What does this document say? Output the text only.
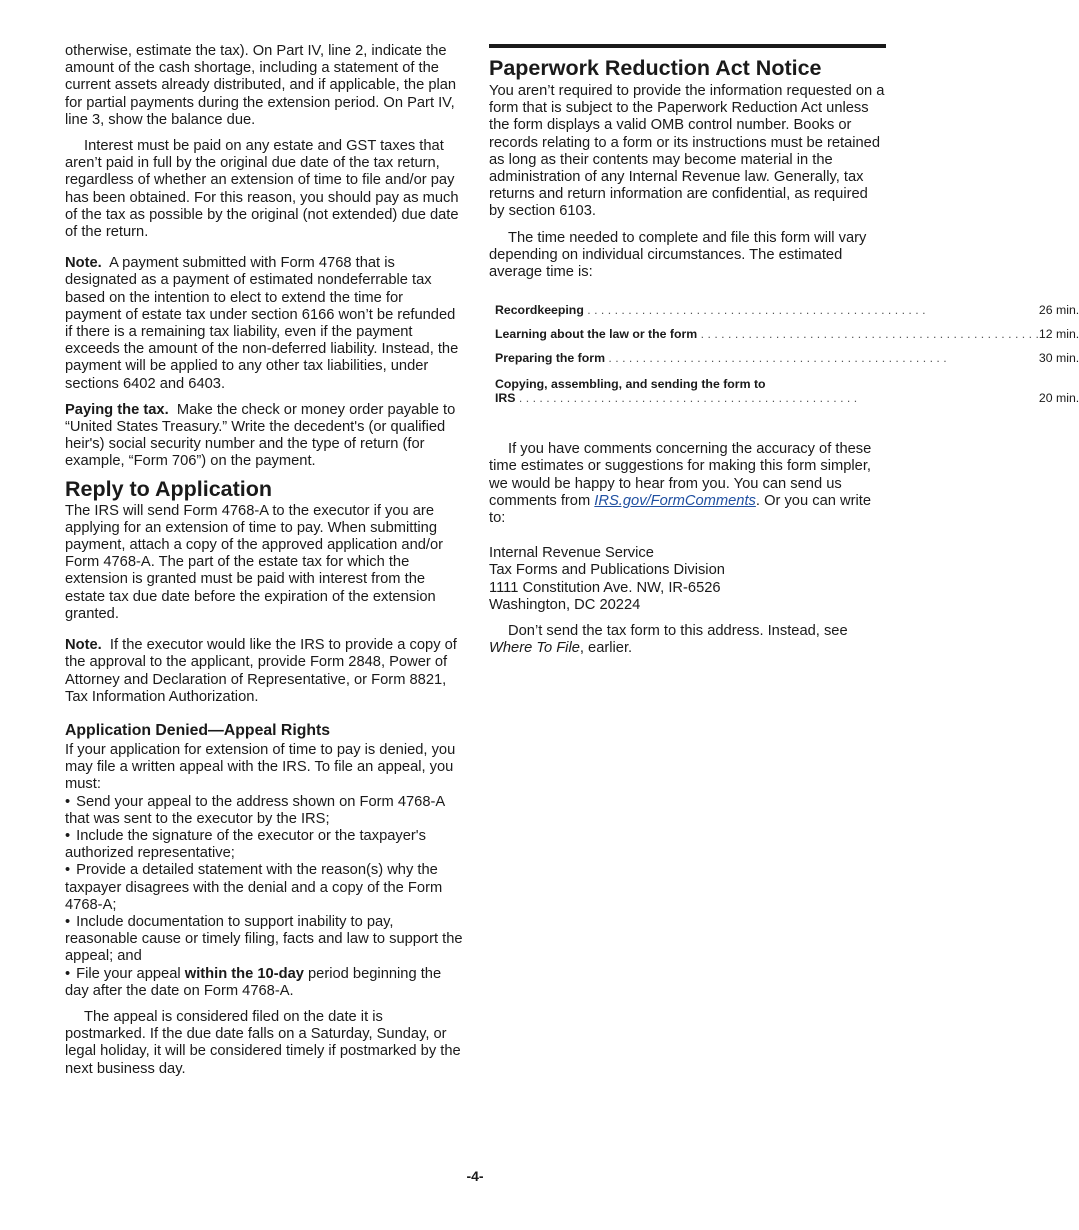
otherwise, estimate the tax). On Part IV, line 2, indicate the amount of the cash shortage, including a statement of the current assets already distributed, and if applicable, the plan for partial payments during the extension period. On Part IV, line 3, show the balance due.

Interest must be paid on any estate and GST taxes that aren’t paid in full by the original due date of the tax return, regardless of whether an extension of time to file and/or pay has been obtained. For this reason, you should pay as much of the tax as possible by the original (not extended) due date of the return.

Note. A payment submitted with Form 4768 that is designated as a payment of estimated nondeferrable tax based on the intention to elect to extend the time for payment of estate tax under section 6166 won’t be refunded if there is a remaining tax liability, even if the payment exceeds the amount of the non-deferred liability. Instead, the payment will be applied to any other tax liabilities, under sections 6402 and 6403.

Paying the tax. Make the check or money order payable to “United States Treasury.” Write the decedent's (or qualified heir's) social security number and the type of return (for example, “Form 706”) on the payment.

Reply to Application

The IRS will send Form 4768-A to the executor if you are applying for an extension of time to pay. When submitting payment, attach a copy of the approved application and/or Form 4768-A. The part of the estate tax for which the extension is granted must be paid with interest from the estate tax due date before the expiration of the extension granted.

Note. If the executor would like the IRS to provide a copy of the approval to the applicant, provide Form 2848, Power of Attorney and Declaration of Representative, or Form 8821, Tax Information Authorization.

Application Denied—Appeal Rights

If your application for extension of time to pay is denied, you may file a written appeal with the IRS. To file an appeal, you must:

• Send your appeal to the address shown on Form 4768-A that was sent to the executor by the IRS;

• Include the signature of the executor or the taxpayer's authorized representative;

• Provide a detailed statement with the reason(s) why the taxpayer disagrees with the denial and a copy of the Form 4768-A;

• Include documentation to support inability to pay, reasonable cause or timely filing, facts and law to support the appeal; and

• File your appeal within the 10-day period beginning the day after the date on Form 4768-A.

The appeal is considered filed on the date it is postmarked. If the due date falls on a Saturday, Sunday, or legal holiday, it will be considered timely if postmarked by the next business day.

Paperwork Reduction Act Notice

You aren’t required to provide the information requested on a form that is subject to the Paperwork Reduction Act unless the form displays a valid OMB control number. Books or records relating to a form or its instructions must be retained as long as their contents may become material in the administration of any Internal Revenue law. Generally, tax returns and return information are confidential, as required by section 6103.

The time needed to complete and file this form will vary depending on individual circumstances. The estimated average time is:

Recordkeeping . . .	26 min.
Learning about the law or the form . . .	12 min.
Preparing the form . . .	30 min.

Copying, assembling, and sending the form to
IRS . . .	20 min.

If you have comments concerning the accuracy of these time estimates or suggestions for making this form simpler, we would be happy to hear from you. You can send us comments from IRS.gov/FormComments. Or you can write to:

Internal Revenue Service

Tax Forms and Publications Division

1111 Constitution Ave. NW, IR-6526

Washington, DC 20224

Don’t send the tax form to this address. Instead, see Where To File, earlier.

-4-
